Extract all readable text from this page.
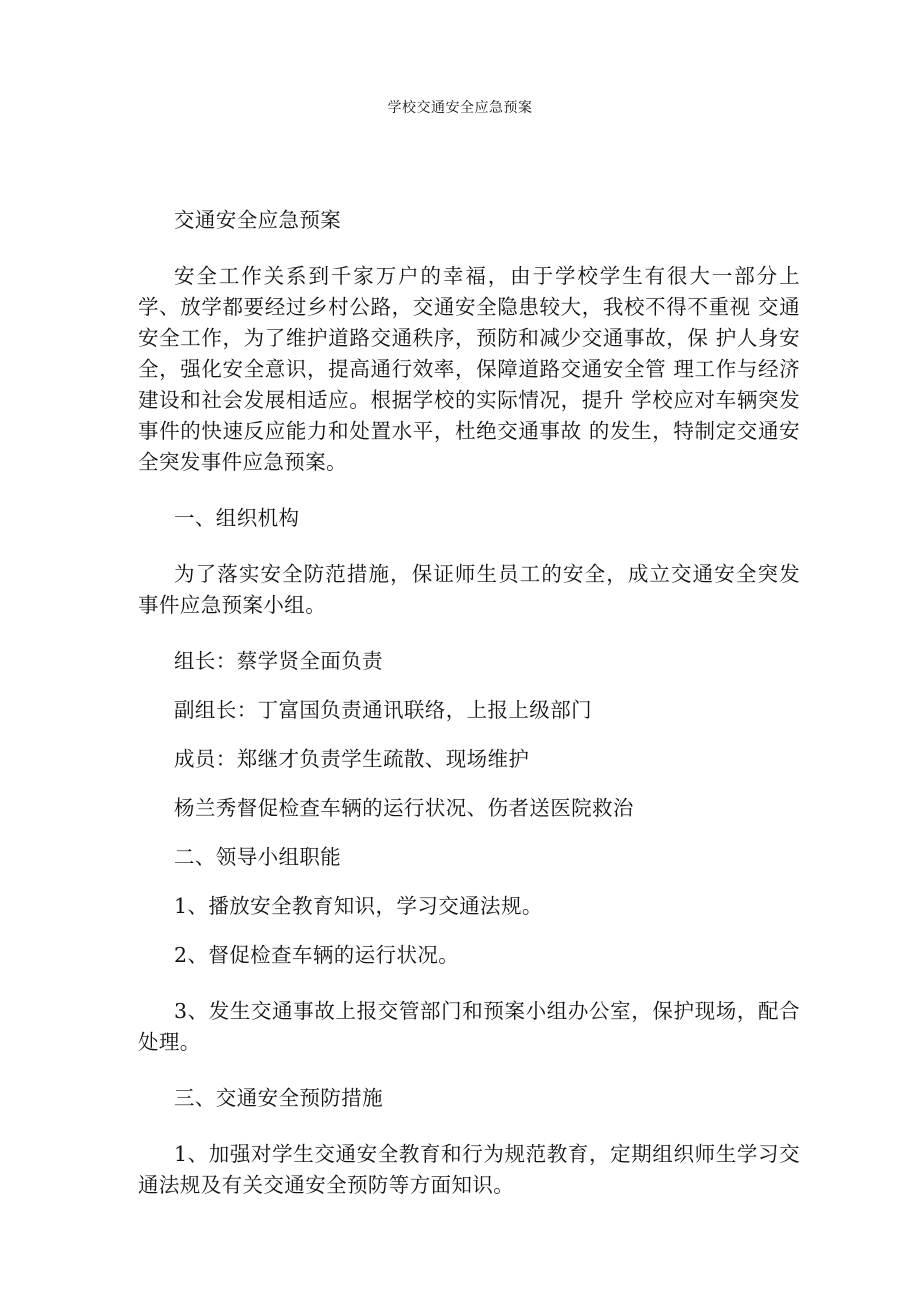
学校交通安全应急预案

交通安全应急预案

安全工作关系到千家万户的幸福，由于学校学生有很大一部分上学、放学都要经过乡村公路，交通安全隐患较大，我校不得不重视 交通安全工作，为了维护道路交通秩序，预防和减少交通事故，保 护人身安全，强化安全意识，提高通行效率，保障道路交通安全管 理工作与经济建设和社会发展相适应。根据学校的实际情况，提升 学校应对车辆突发事件的快速反应能力和处置水平，杜绝交通事故 的发生，特制定交通安全突发事件应急预案。

一、组织机构

为了落实安全防范措施，保证师生员工的安全，成立交通安全突发事件应急预案小组。

组长：蔡学贤全面负责

副组长：丁富国负责通讯联络，上报上级部门

成员：郑继才负责学生疏散、现场维护

杨兰秀督促检查车辆的运行状况、伤者送医院救治

二、领导小组职能

1、播放安全教育知识，学习交通法规。

2、督促检查车辆的运行状况。

3、发生交通事故上报交管部门和预案小组办公室，保护现场，配合处理。

三、交通安全预防措施

1、加强对学生交通安全教育和行为规范教育，定期组织师生学习交通法规及有关交通安全预防等方面知识。
